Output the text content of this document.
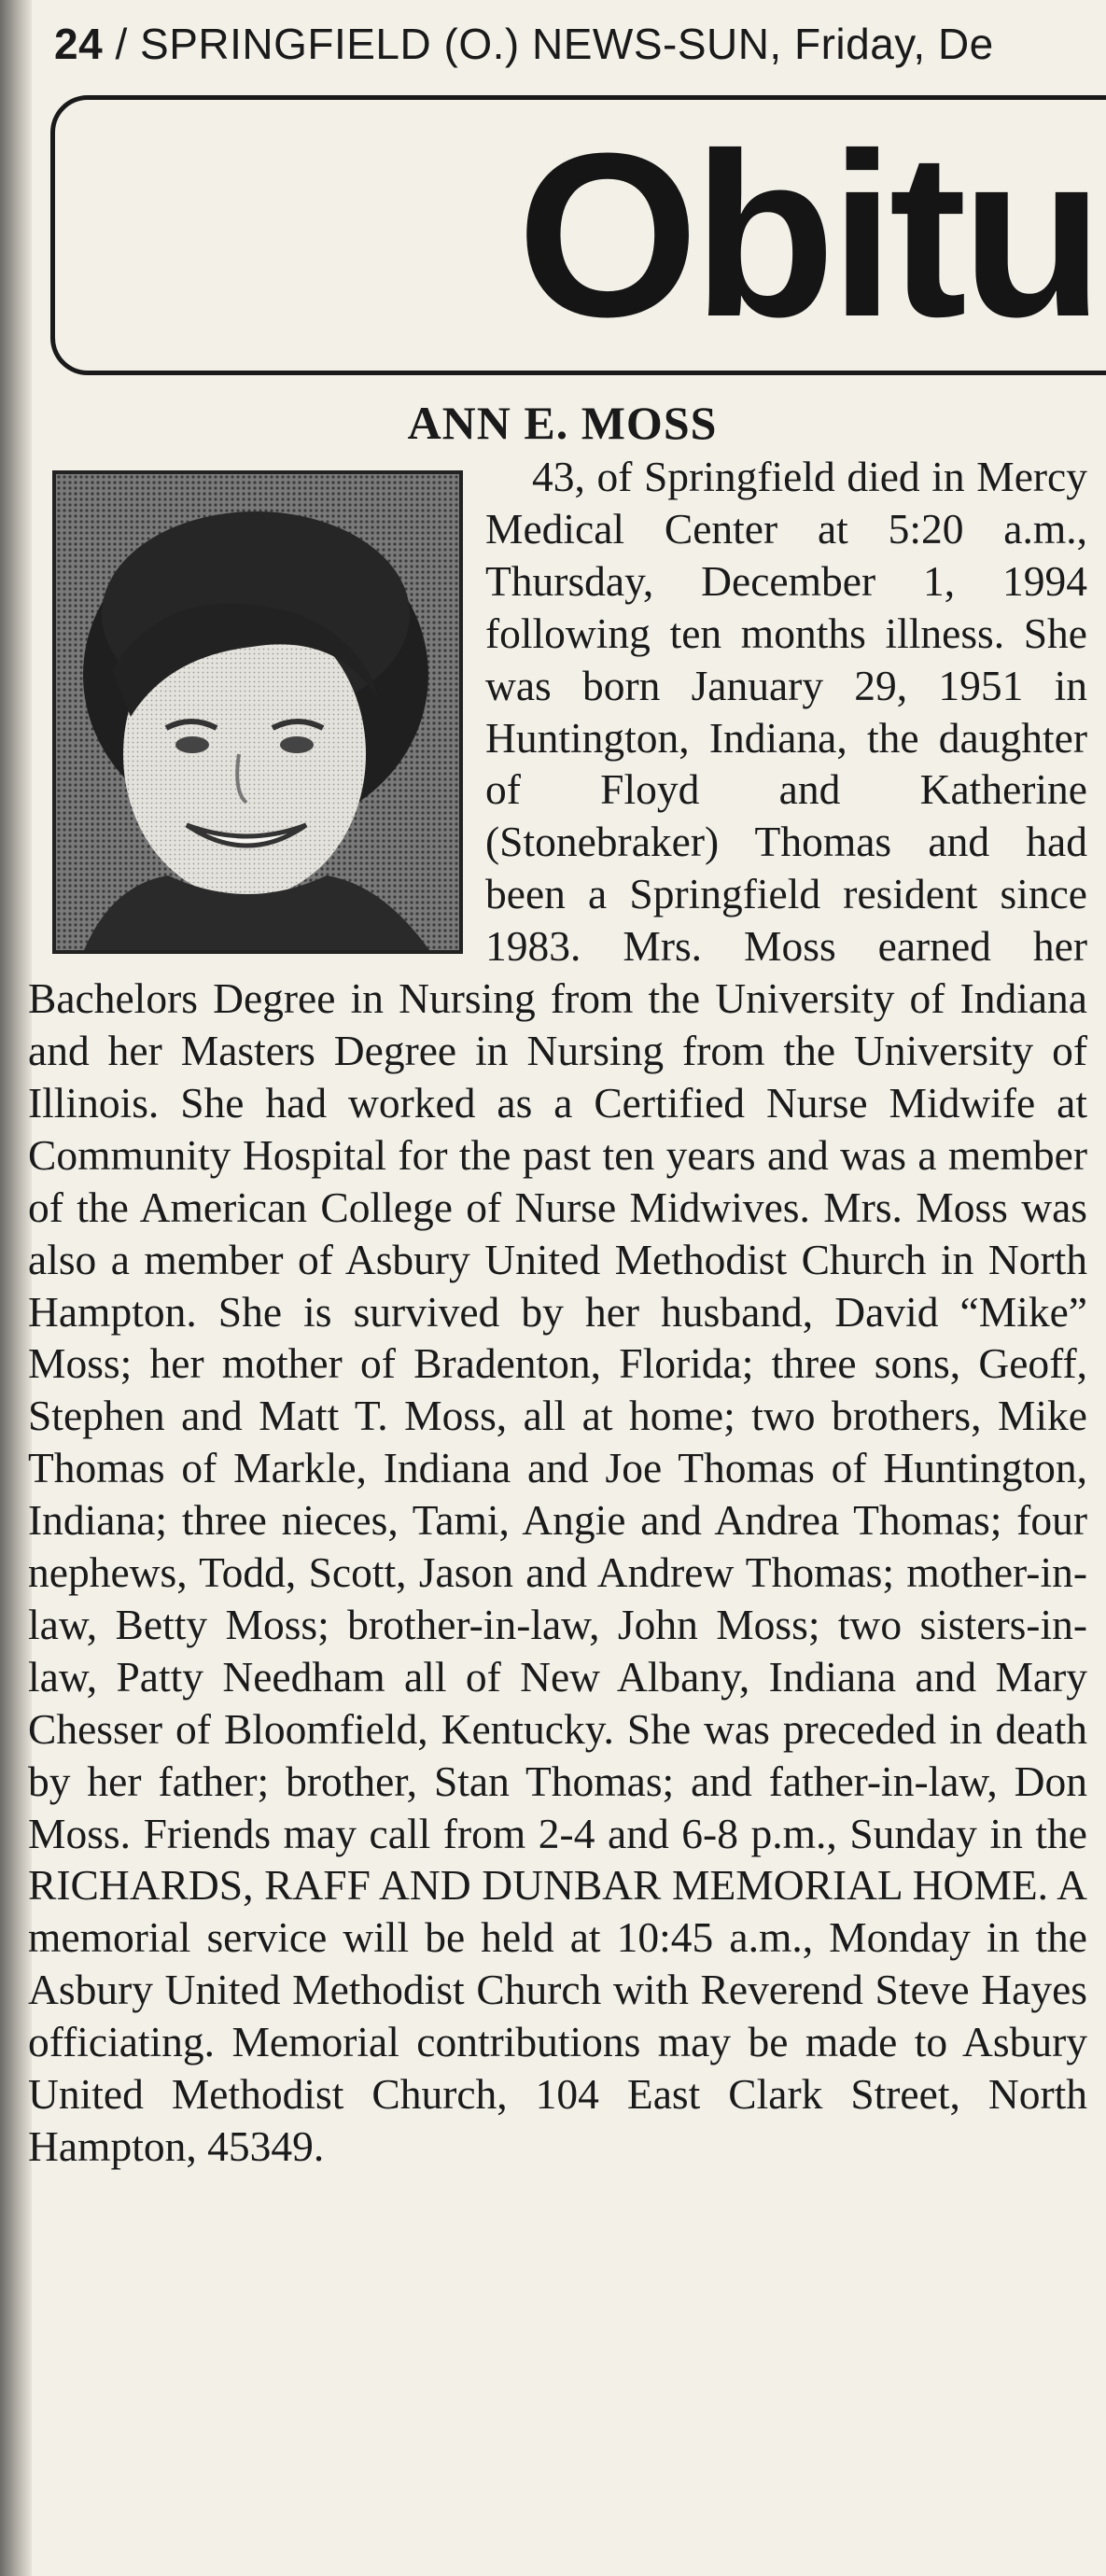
24 / SPRINGFIELD (O.) NEWS-SUN, Friday, De
Obitu
ANN E. MOSS
43, of Springfield died in Mercy Medical Center at 5:20 a.m., Thursday, December 1, 1994 following ten months illness. She was born January 29, 1951 in Huntington, Indiana, the daughter of Floyd and Katherine (Stonebraker) Thomas and had been a Springfield resident since 1983. Mrs. Moss earned her Bachelors Degree in Nursing from the University of Indiana and her Masters Degree in Nursing from the University of Illinois. She had worked as a Certified Nurse Midwife at Community Hospital for the past ten years and was a member of the American College of Nurse Midwives. Mrs. Moss was also a member of Asbury United Methodist Church in North Hampton. She is survived by her husband, David “Mike” Moss; her mother of Bradenton, Florida; three sons, Geoff, Stephen and Matt T. Moss, all at home; two brothers, Mike Thomas of Markle, Indiana and Joe Thomas of Huntington, Indiana; three nieces, Tami, Angie and Andrea Thomas; four nephews, Todd, Scott, Jason and Andrew Thomas; mother-in-law, Betty Moss; brother-in-law, John Moss; two sisters-in-law, Patty Needham all of New Albany, Indiana and Mary Chesser of Bloomfield, Kentucky. She was preceded in death by her father; brother, Stan Thomas; and father-in-law, Don Moss. Friends may call from 2-4 and 6-8 p.m., Sunday in the RICHARDS, RAFF AND DUNBAR MEMORIAL HOME. A memorial service will be held at 10:45 a.m., Monday in the Asbury United Methodist Church with Reverend Steve Hayes officiating. Memorial contributions may be made to Asbury United Methodist Church, 104 East Clark Street, North Hampton, 45349.
